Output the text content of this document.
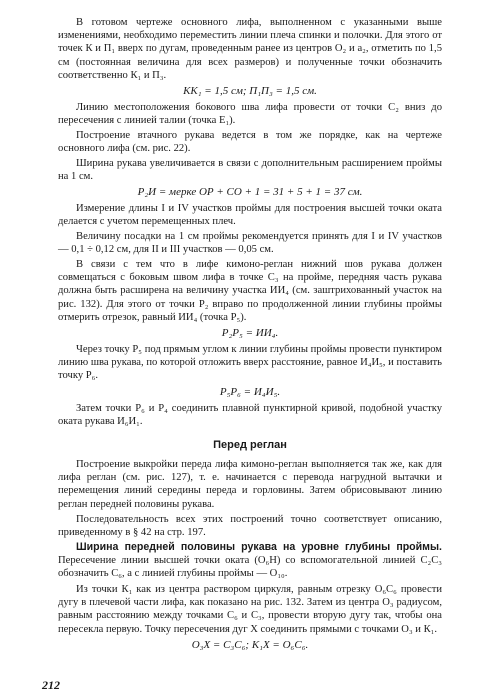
В готовом чертеже основного лифа, выполненном с указанными выше изменениями, необходимо переместить линии плеча спинки и полочки. Для этого от точек К и П₁ вверх по дугам, проведенным ранее из центров О₂ и а₂, отметить по 1,5 см (постоянная величина для всех размеров) и полученные точки обозначить соответственно К₁ и П₃.

КК₁ = 1,5 см; П₁П₃ = 1,5 см.

Линию местоположения бокового шва лифа провести от точки С₂ вниз до пересечения с линией талии (точка Е₁).

Построение втачного рукава ведется в том же порядке, как на чертеже основного лифа (см. рис. 22).

Ширина рукава увеличивается в связи с дополнительным расширением проймы на 1 см.

Р₂И = мерке ОР + СО + 1 = 31 + 5 + 1 = 37 см.

Измерение длины I и IV участков проймы для построения высшей точки оката делается с учетом перемещенных плеч.

Величину посадки на 1 см проймы рекомендуется принять для I и IV участков — 0,1 ÷ 0,12 см, для II и III участков — 0,05 см.

В связи с тем что в лифе кимоно-реглан нижний шов рукава должен совмещаться с боковым швом лифа в точке С₃ на пройме, передняя часть рукава должна быть расширена на величину участка ИИ₄ (см. заштрихованный участок на рис. 132). Для этого от точки Р₂ вправо по продолженной линии глубины проймы отмерить отрезок, равный ИИ₄ (точка Р₅).

Р₂Р₅ = ИИ₄.

Через точку Р₅ под прямым углом к линии глубины проймы провести пунктиром линию шва рукава, по которой отложить вверх расстояние, равное И₄И₅, и поставить точку Р₆.

Р₅Р₆ = И₄И₅.

Затем точки Р₆ и Р₄ соединить плавной пунктирной кривой, подобной участку оката рукава И₆И₁.

Перед реглан

Построение выкройки переда лифа кимоно-реглан выполняется так же, как для лифа реглан (см. рис. 127), т. е. начинается с перевода нагрудной вытачки и перемещения линий середины переда и горловины. Затем обрисовывают линию реглан передней половины рукава.

Последовательность всех этих построений точно соответствует описанию, приведенному в § 42 на стр. 197.

Ширина передней половины рукава на уровне глубины проймы. Пересечение линии высшей точки оката (О₆Н) со вспомогательной линией С₂С₃ обозначить С₆, а с линией глубины проймы — О₁₀.

Из точки К₁ как из центра раствором циркуля, равным отрезку О₆С₆ провести дугу в плечевой части лифа, как показано на рис. 132. Затем из центра О₃ радиусом, равным расстоянию между точками С₆ и С₃, провести вторую дугу так, чтобы она пересекла первую. Точку пересечения дуг X соединить прямыми с точками О₃ и К₁.

О₃Х = С₃С₆; К₁Х = О₆С₆.
212
